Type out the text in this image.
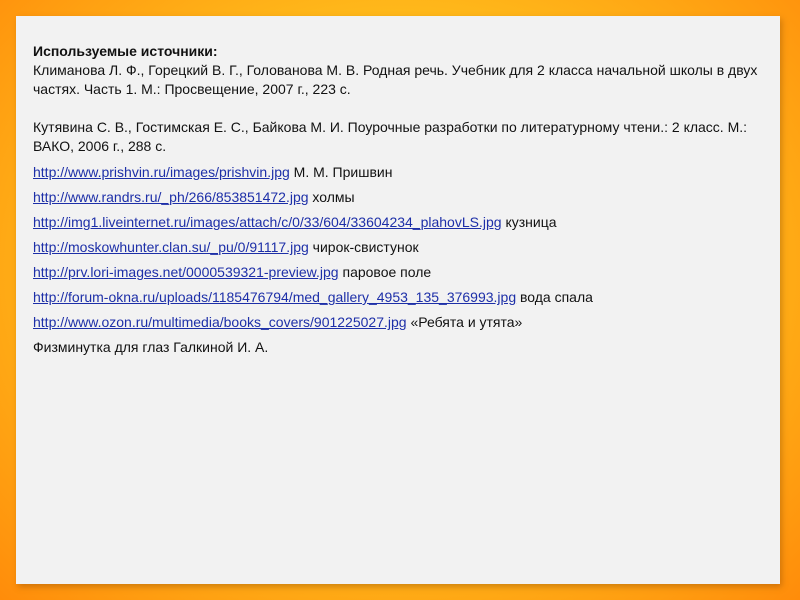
Используемые источники:
Климанова Л. Ф., Горецкий В. Г., Голованова М. В. Родная речь. Учебник для 2 класса начальной школы в двух частях. Часть 1. М.: Просвещение, 2007 г., 223 с.
Кутявина С. В., Гостимская Е. С., Байкова М. И. Поурочные разработки по литературному чтени.: 2 класс. М.: ВАКО, 2006 г., 288 с.
http://www.prishvin.ru/images/prishvin.jpg М. М. Пришвин
http://www.randrs.ru/_ph/266/853851472.jpg холмы
http://img1.liveinternet.ru/images/attach/c/0/33/604/33604234_plahovLS.jpg кузница
http://moskowhunter.clan.su/_pu/0/91117.jpg чирок-свистунок
http://prv.lori-images.net/0000539321-preview.jpg паровое поле
http://forum-okna.ru/uploads/1185476794/med_gallery_4953_135_376993.jpg вода спала
http://www.ozon.ru/multimedia/books_covers/901225027.jpg «Ребята и утята»
Физминутка для глаз Галкиной И. А.
